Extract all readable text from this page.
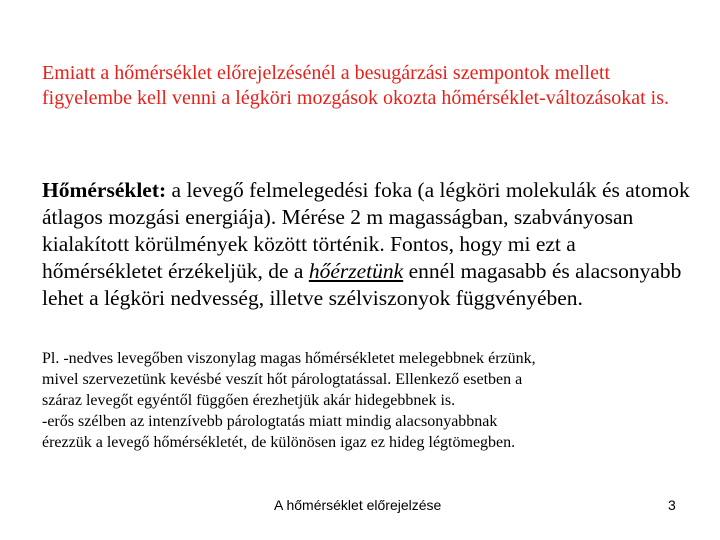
Emiatt a hőmérséklet előrejelzésénél a besugárzási szempontok mellett figyelembe kell venni a légköri mozgások okozta hőmérséklet-változásokat is.

Hőmérséklet: a levegő felmelegedési foka (a légköri molekulák és atomok átlagos mozgási energiája). Mérése 2 m magasságban, szabványosan kialakított körülmények között történik. Fontos, hogy mi ezt a hőmérsékletet érzékeljük, de a hőérzetünk ennél magasabb és alacsonyabb lehet a légköri nedvesség, illetve szélviszonyok függvényében.

Pl. -nedves levegőben viszonylag magas hőmérsékletet melegebbnek érzünk,
mivel szervezetünk kevésbé veszít hőt párologtatással. Ellenkező esetben a
száraz levegőt egyéntől függően érezhetjük akár hidegebbnek is.
-erős szélben az intenzívebb párologtatás miatt mindig alacsonyabbnak
érezzük a levegő hőmérsékletét, de különösen igaz ez hideg légtömegben.

A hőmérséklet előrejelzése	3
